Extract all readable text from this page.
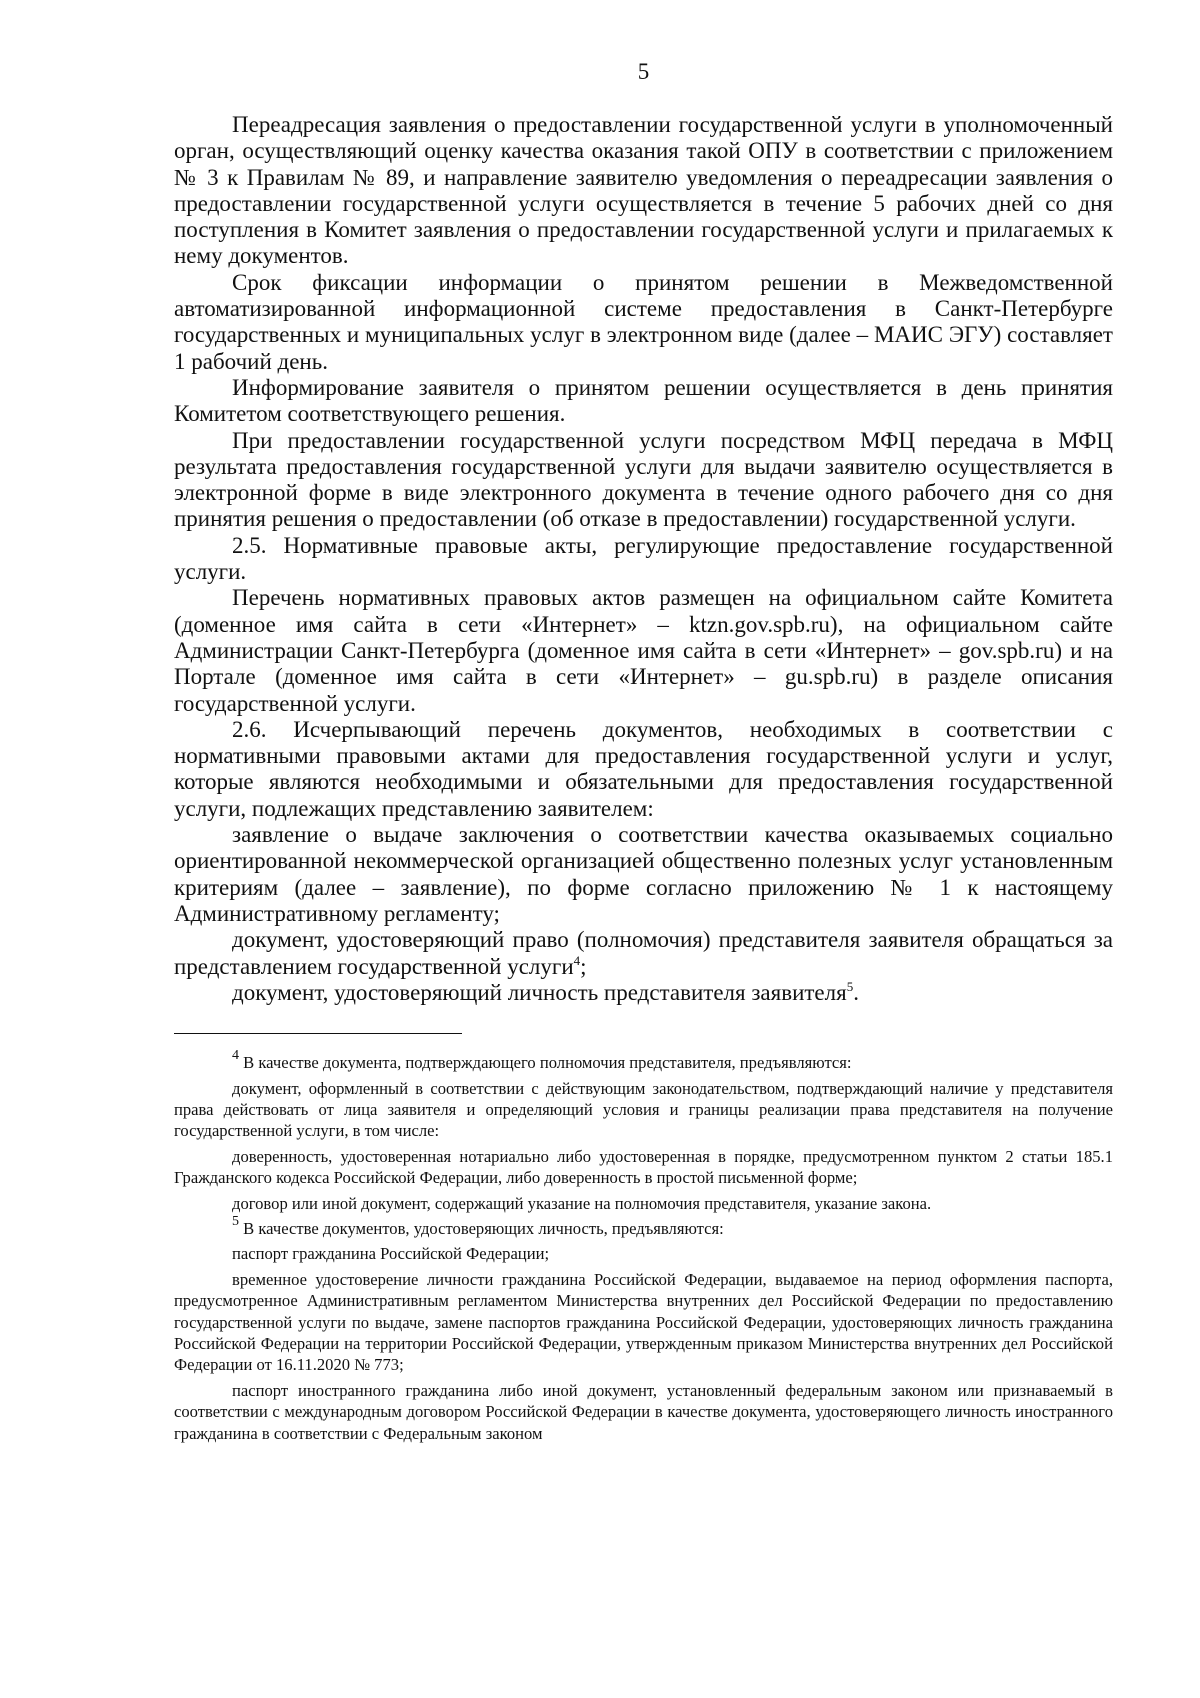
5

Переадресация заявления о предоставлении государственной услуги в уполномоченный орган, осуществляющий оценку качества оказания такой ОПУ в соответствии с приложением № 3 к Правилам № 89, и направление заявителю уведомления о переадресации заявления о предоставлении государственной услуги осуществляется в течение 5 рабочих дней со дня поступления в Комитет заявления о предоставлении государственной услуги и прилагаемых к нему документов.

Срок фиксации информации о принятом решении в Межведомственной автоматизированной информационной системе предоставления в Санкт-Петербурге государственных и муниципальных услуг в электронном виде (далее – МАИС ЭГУ) составляет 1 рабочий день.

Информирование заявителя о принятом решении осуществляется в день принятия Комитетом соответствующего решения.

При предоставлении государственной услуги посредством МФЦ передача в МФЦ результата предоставления государственной услуги для выдачи заявителю осуществляется в электронной форме в виде электронного документа в течение одного рабочего дня со дня принятия решения о предоставлении (об отказе в предоставлении) государственной услуги.

2.5. Нормативные правовые акты, регулирующие предоставление государственной услуги.

Перечень нормативных правовых актов размещен на официальном сайте Комитета (доменное имя сайта в сети «Интернет» – ktzn.gov.spb.ru), на официальном сайте Администрации Санкт-Петербурга (доменное имя сайта в сети «Интернет» – gov.spb.ru) и на Портале (доменное имя сайта в сети «Интернет» – gu.spb.ru) в разделе описания государственной услуги.

2.6. Исчерпывающий перечень документов, необходимых в соответствии с нормативными правовыми актами для предоставления государственной услуги и услуг, которые являются необходимыми и обязательными для предоставления государственной услуги, подлежащих представлению заявителем:

заявление о выдаче заключения о соответствии качества оказываемых социально ориентированной некоммерческой организацией общественно полезных услуг установленным критериям (далее – заявление), по форме согласно приложению № 1 к настоящему Административному регламенту;

документ, удостоверяющий право (полномочия) представителя заявителя обращаться за представлением государственной услуги$^4$;

документ, удостоверяющий личность представителя заявителя$^5$.

$^4$ В качестве документа, подтверждающего полномочия представителя, предъявляются:

документ, оформленный в соответствии с действующим законодательством, подтверждающий наличие у представителя права действовать от лица заявителя и определяющий условия и границы реализации права представителя на получение государственной услуги, в том числе:

доверенность, удостоверенная нотариально либо удостоверенная в порядке, предусмотренном пунктом 2 статьи 185.1 Гражданского кодекса Российской Федерации, либо доверенность в простой письменной форме;

договор или иной документ, содержащий указание на полномочия представителя, указание закона.

$^5$ В качестве документов, удостоверяющих личность, предъявляются:

паспорт гражданина Российской Федерации;

временное удостоверение личности гражданина Российской Федерации, выдаваемое на период оформления паспорта, предусмотренное Административным регламентом Министерства внутренних дел Российской Федерации по предоставлению государственной услуги по выдаче, замене паспортов гражданина Российской Федерации, удостоверяющих личность гражданина Российской Федерации на территории Российской Федерации, утвержденным приказом Министерства внутренних дел Российской Федерации от 16.11.2020 № 773;

паспорт иностранного гражданина либо иной документ, установленный федеральным законом или признаваемый в соответствии с международным договором Российской Федерации в качестве документа, удостоверяющего личность иностранного гражданина в соответствии с Федеральным законом
